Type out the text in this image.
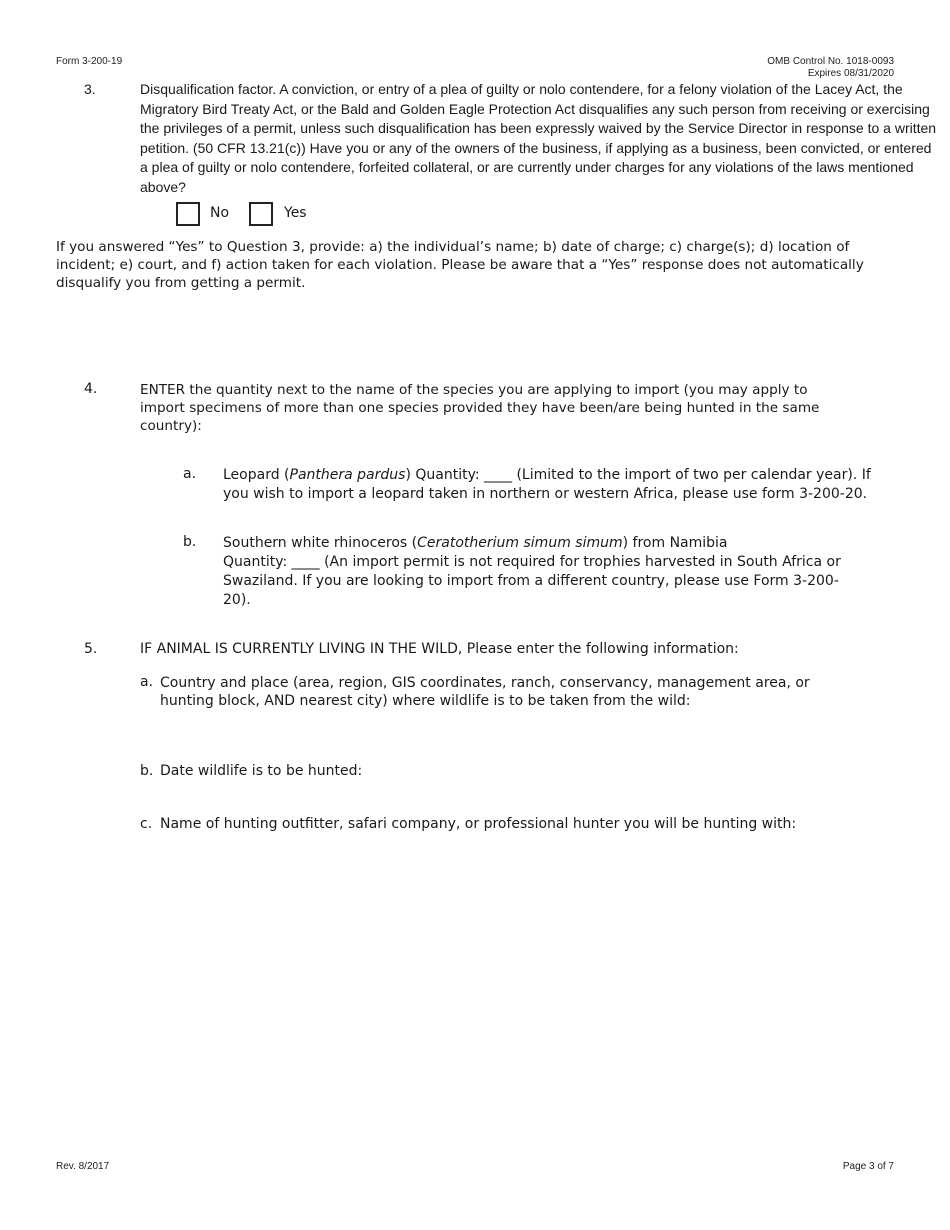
Form 3-200-19	OMB Control No. 1018-0093
Expires 08/31/2020
3.	Disqualification factor. A conviction, or entry of a plea of guilty or nolo contendere, for a felony violation of the Lacey Act, the Migratory Bird Treaty Act, or the Bald and Golden Eagle Protection Act disqualifies any such person from receiving or exercising the privileges of a permit, unless such disqualification has been expressly waived by the Service Director in response to a written petition. (50 CFR 13.21(c)) Have you or any of the owners of the business, if applying as a business, been convicted, or entered a plea of guilty or nolo contendere, forfeited collateral, or are currently under charges for any violations of the laws mentioned above?
No	Yes
If you answered “Yes” to Question 3, provide: a) the individual’s name; b) date of charge; c) charge(s); d) location of incident; e) court, and f) action taken for each violation. Please be aware that a “Yes” response does not automatically disqualify you from getting a permit.
4.	ENTER the quantity next to the name of the species you are applying to import (you may apply to import specimens of more than one species provided they have been/are being hunted in the same country):
a. Leopard (Panthera pardus) Quantity: ____ (Limited to the import of two per calendar year). If you wish to import a leopard taken in northern or western Africa, please use form 3-200-20.
b. Southern white rhinoceros (Ceratotherium simum simum) from Namibia
Quantity: ____ (An import permit is not required for trophies harvested in South Africa or Swaziland. If you are looking to import from a different country, please use Form 3-200-20).
5.	IF ANIMAL IS CURRENTLY LIVING IN THE WILD, Please enter the following information:
a. Country and place (area, region, GIS coordinates, ranch, conservancy, management area, or hunting block, AND nearest city) where wildlife is to be taken from the wild:
b. Date wildlife is to be hunted:
c. Name of hunting outfitter, safari company, or professional hunter you will be hunting with:
Rev. 8/2017	Page 3 of 7
